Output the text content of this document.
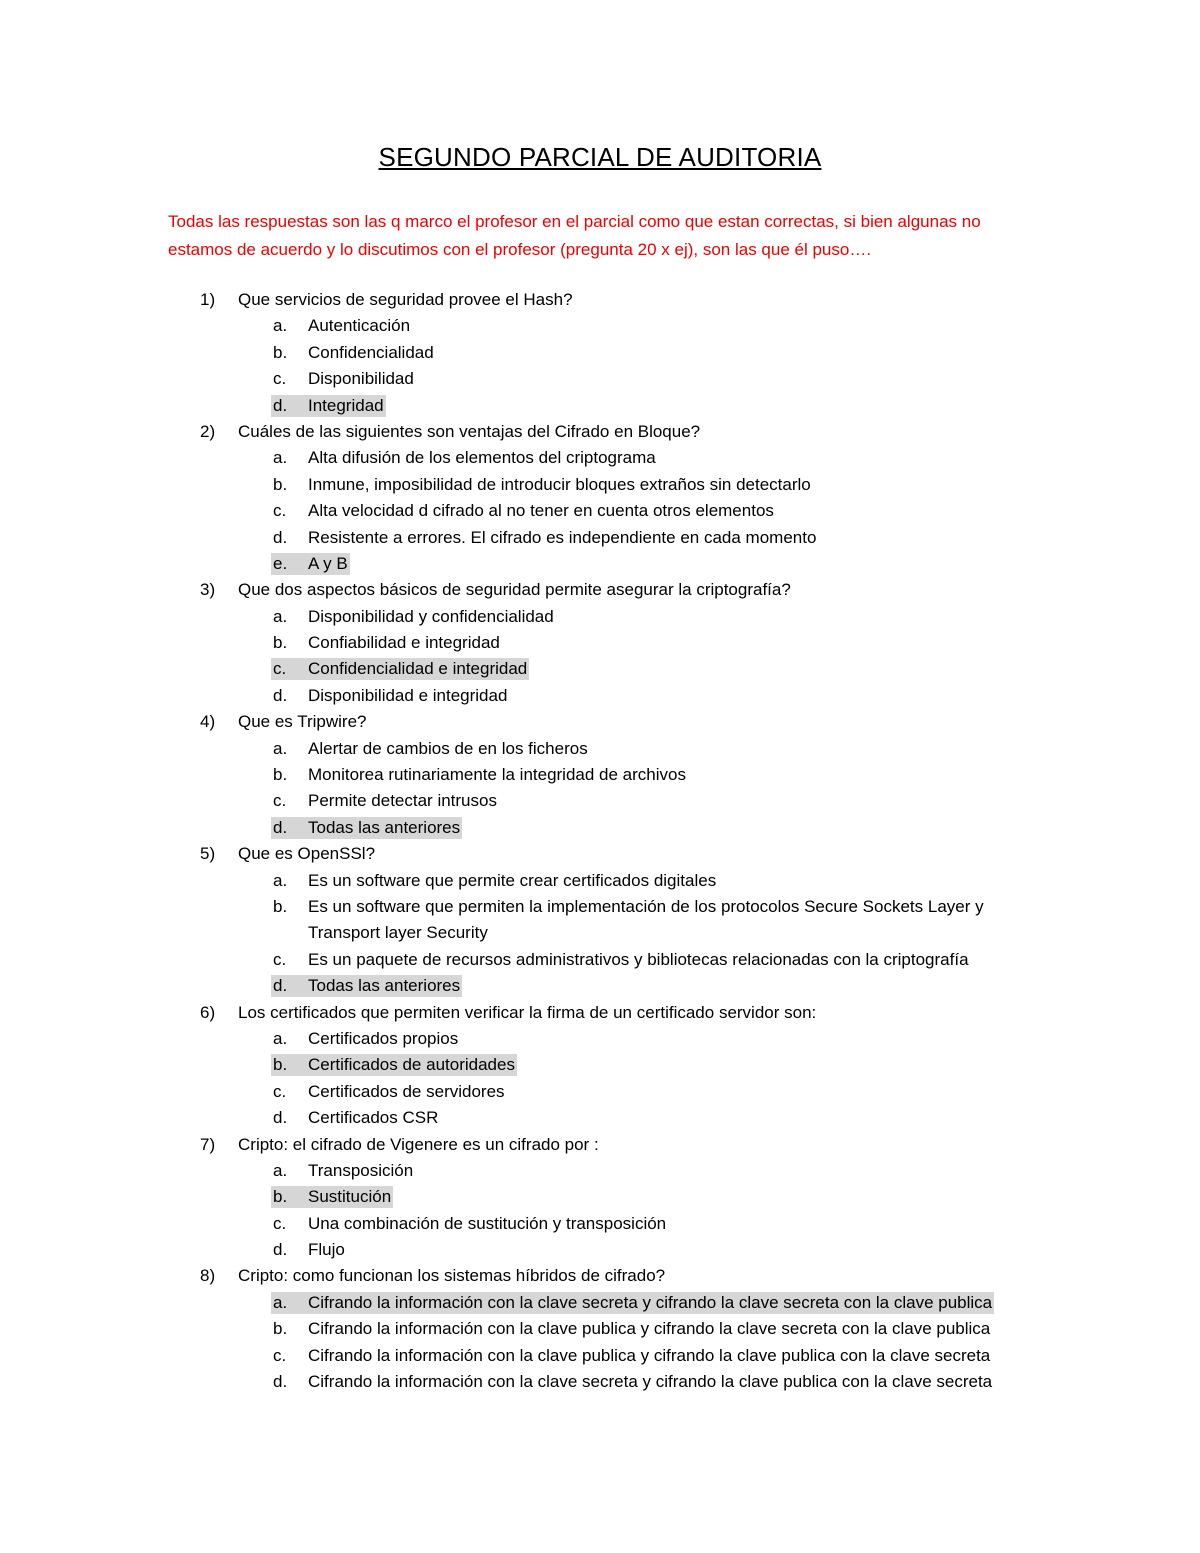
SEGUNDO PARCIAL DE AUDITORIA
Todas las respuestas son las q marco el profesor en el parcial como que estan correctas, si bien algunas no estamos de acuerdo y lo discutimos con el profesor (pregunta 20 x ej), son las que él puso….
1) Que servicios de seguridad provee el Hash?
a. Autenticación
b. Confidencialidad
c. Disponibilidad
d. Integridad
2) Cuáles de las siguientes son ventajas del Cifrado en Bloque?
a. Alta difusión de los elementos del criptograma
b. Inmune, imposibilidad de introducir bloques extraños sin detectarlo
c. Alta velocidad d cifrado al no tener en cuenta otros elementos
d. Resistente a errores. El cifrado es independiente en cada momento
e. A y B
3) Que dos aspectos básicos de seguridad permite asegurar la criptografía?
a. Disponibilidad y confidencialidad
b. Confiabilidad e integridad
c. Confidencialidad e integridad
d. Disponibilidad e integridad
4) Que es Tripwire?
a. Alertar de cambios de en los ficheros
b. Monitorea rutinariamente la integridad de archivos
c. Permite detectar intrusos
d. Todas las anteriores
5) Que es OpenSSl?
a. Es un software que permite crear certificados digitales
b. Es un software que permiten la implementación de los protocolos Secure Sockets Layer y Transport layer Security
c. Es un paquete de recursos administrativos y bibliotecas relacionadas con la criptografía
d. Todas las anteriores
6) Los certificados que permiten verificar la firma de un certificado servidor son:
a. Certificados propios
b. Certificados de autoridades
c. Certificados de servidores
d. Certificados CSR
7) Cripto: el cifrado de Vigenere es un cifrado por :
a. Transposición
b. Sustitución
c. Una combinación de sustitución y transposición
d. Flujo
8) Cripto: como funcionan los sistemas híbridos de cifrado?
a. Cifrando la información con la clave secreta y cifrando la clave secreta con la clave publica
b. Cifrando la información con la clave publica y cifrando la clave secreta con la clave publica
c. Cifrando la información con la clave publica y cifrando la clave publica con la clave secreta
d. Cifrando la información con la clave secreta y cifrando la clave publica con la clave secreta
